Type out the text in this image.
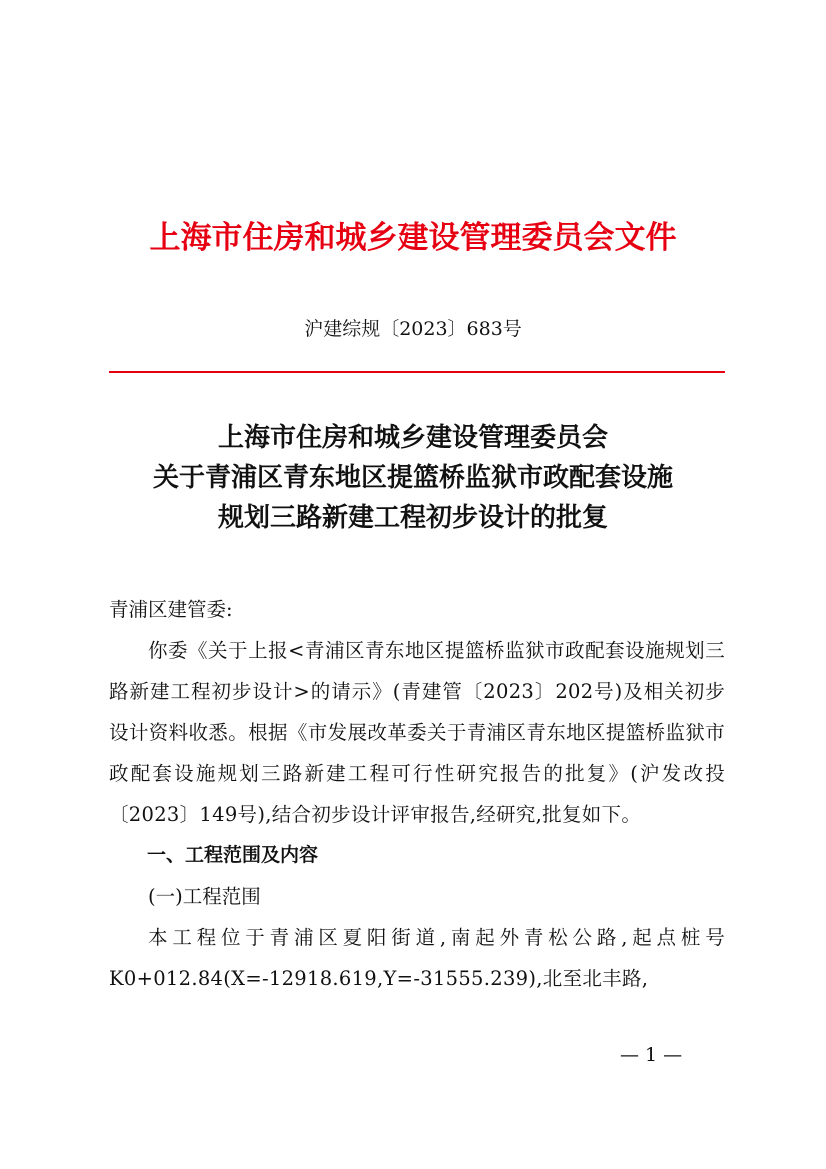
上海市住房和城乡建设管理委员会文件
沪建综规〔2023〕683号
上海市住房和城乡建设管理委员会
关于青浦区青东地区提篮桥监狱市政配套设施
规划三路新建工程初步设计的批复
青浦区建管委:
你委《关于上报<青浦区青东地区提篮桥监狱市政配套设施规划三路新建工程初步设计>的请示》(青建管〔2023〕202号)及相关初步设计资料收悉。根据《市发展改革委关于青浦区青东地区提篮桥监狱市政配套设施规划三路新建工程可行性研究报告的批复》(沪发改投〔2023〕149号),结合初步设计评审报告,经研究,批复如下。
一、工程范围及内容
(一)工程范围
本工程位于青浦区夏阳街道,南起外青松公路,起点桩号K0+012.84(X=-12918.619,Y=-31555.239),北至北丰路,
— 1 —
